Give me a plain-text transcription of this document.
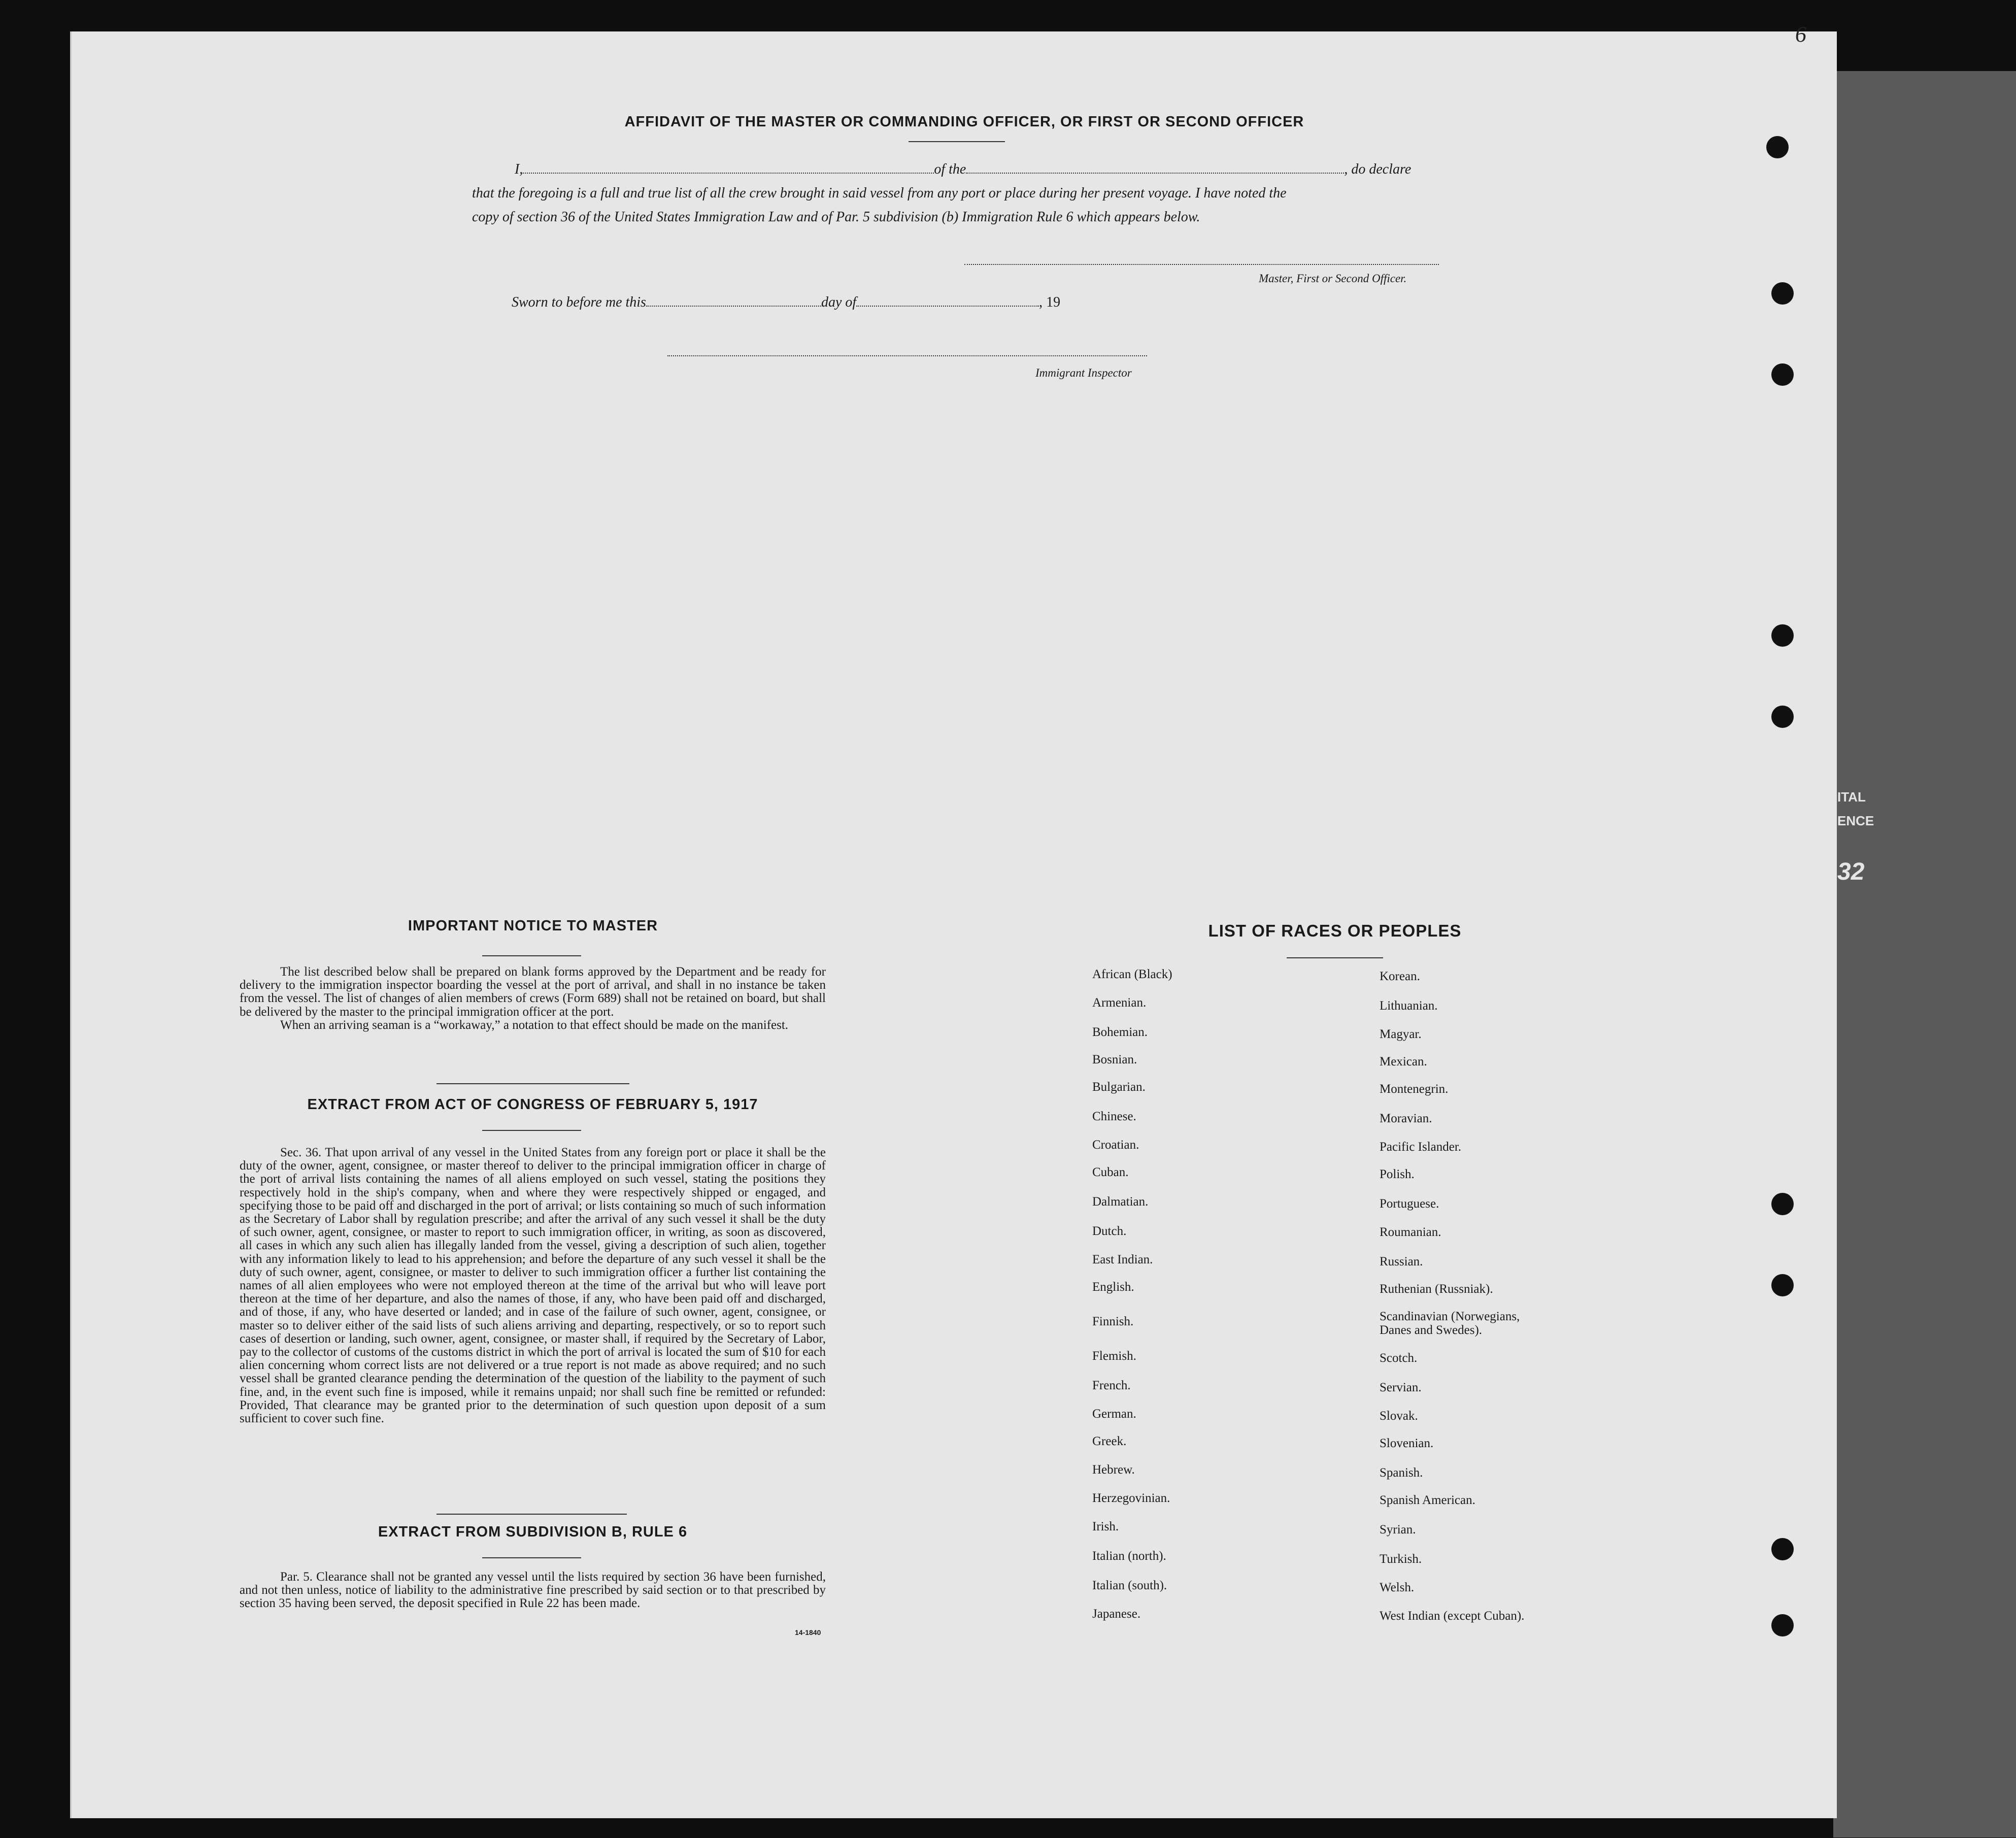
ITAL
ENCE
32
6
AFFIDAVIT OF THE MASTER OR COMMANDING OFFICER, OR FIRST OR SECOND OFFICER
I,	of the	, do declare
that the foregoing is a full and true list of all the crew brought in said vessel from any port or place during her present voyage. I have noted the
copy of section 36 of the United States Immigration Law and of Par. 5 subdivision (b) Immigration Rule 6 which appears below.
Master, First or Second Officer.
Sworn to before me this	day of	, 19
Immigrant Inspector
IMPORTANT NOTICE TO MASTER

The list described below shall be prepared on blank forms approved by the Department and be ready for delivery to the immigration inspector boarding the vessel at the port of arrival, and shall in no instance be taken from the vessel. The list of changes of alien members of crews (Form 689) shall not be retained on board, but shall be delivered by the master to the principal immigration officer at the port.

When an arriving seaman is a “workaway,” a notation to that effect should be made on the manifest.

EXTRACT FROM ACT OF CONGRESS OF FEBRUARY 5, 1917

Sec. 36. That upon arrival of any vessel in the United States from any foreign port or place it shall be the duty of the owner, agent, consignee, or master thereof to deliver to the principal immigration officer in charge of the port of arrival lists containing the names of all aliens employed on such vessel, stating the positions they respectively hold in the ship's company, when and where they were respectively shipped or engaged, and specifying those to be paid off and discharged in the port of arrival; or lists containing so much of such information as the Secretary of Labor shall by regulation prescribe; and after the arrival of any such vessel it shall be the duty of such owner, agent, consignee, or master to report to such immigration officer, in writing, as soon as discovered, all cases in which any such alien has illegally landed from the vessel, giving a description of such alien, together with any information likely to lead to his apprehension; and before the departure of any such vessel it shall be the duty of such owner, agent, consignee, or master to deliver to such immigration officer a further list containing the names of all alien employees who were not employed thereon at the time of the arrival but who will leave port thereon at the time of her departure, and also the names of those, if any, who have been paid off and discharged, and of those, if any, who have deserted or landed; and in case of the failure of such owner, agent, consignee, or master so to deliver either of the said lists of such aliens arriving and departing, respectively, or so to report such cases of desertion or landing, such owner, agent, consignee, or master shall, if required by the Secretary of Labor, pay to the collector of customs of the customs district in which the port of arrival is located the sum of $10 for each alien concerning whom correct lists are not delivered or a true report is not made as above required; and no such vessel shall be granted clearance pending the determination of the question of the liability to the payment of such fine, and, in the event such fine is imposed, while it remains unpaid; nor shall such fine be remitted or refunded: Provided, That clearance may be granted prior to the determination of such question upon deposit of a sum sufficient to cover such fine.

EXTRACT FROM SUBDIVISION B, RULE 6

Par. 5. Clearance shall not be granted any vessel until the lists required by section 36 have been furnished, and not then unless, notice of liability to the administrative fine prescribed by said section or to that prescribed by section 35 having been served, the deposit specified in Rule 22 has been made.

14-1840
LIST OF RACES OR PEOPLES
African (Black)
Armenian.
Bohemian.
Bosnian.
Bulgarian.
Chinese.
Croatian.
Cuban.
Dalmatian.
Dutch.
East Indian.
English.
Finnish.
Flemish.
French.
German.
Greek.
Hebrew.
Herzegovinian.
Irish.
Italian (north).
Italian (south).
Japanese.
Korean.
Lithuanian.
Magyar.
Mexican.
Montenegrin.
Moravian.
Pacific Islander.
Polish.
Portuguese.
Roumanian.
Russian.
Ruthenian (Russniak).
Scandinavian (Norwegians,
Danes and Swedes).
Scotch.
Servian.
Slovak.
Slovenian.
Spanish.
Spanish American.
Syrian.
Turkish.
Welsh.
West Indian (except Cuban).
